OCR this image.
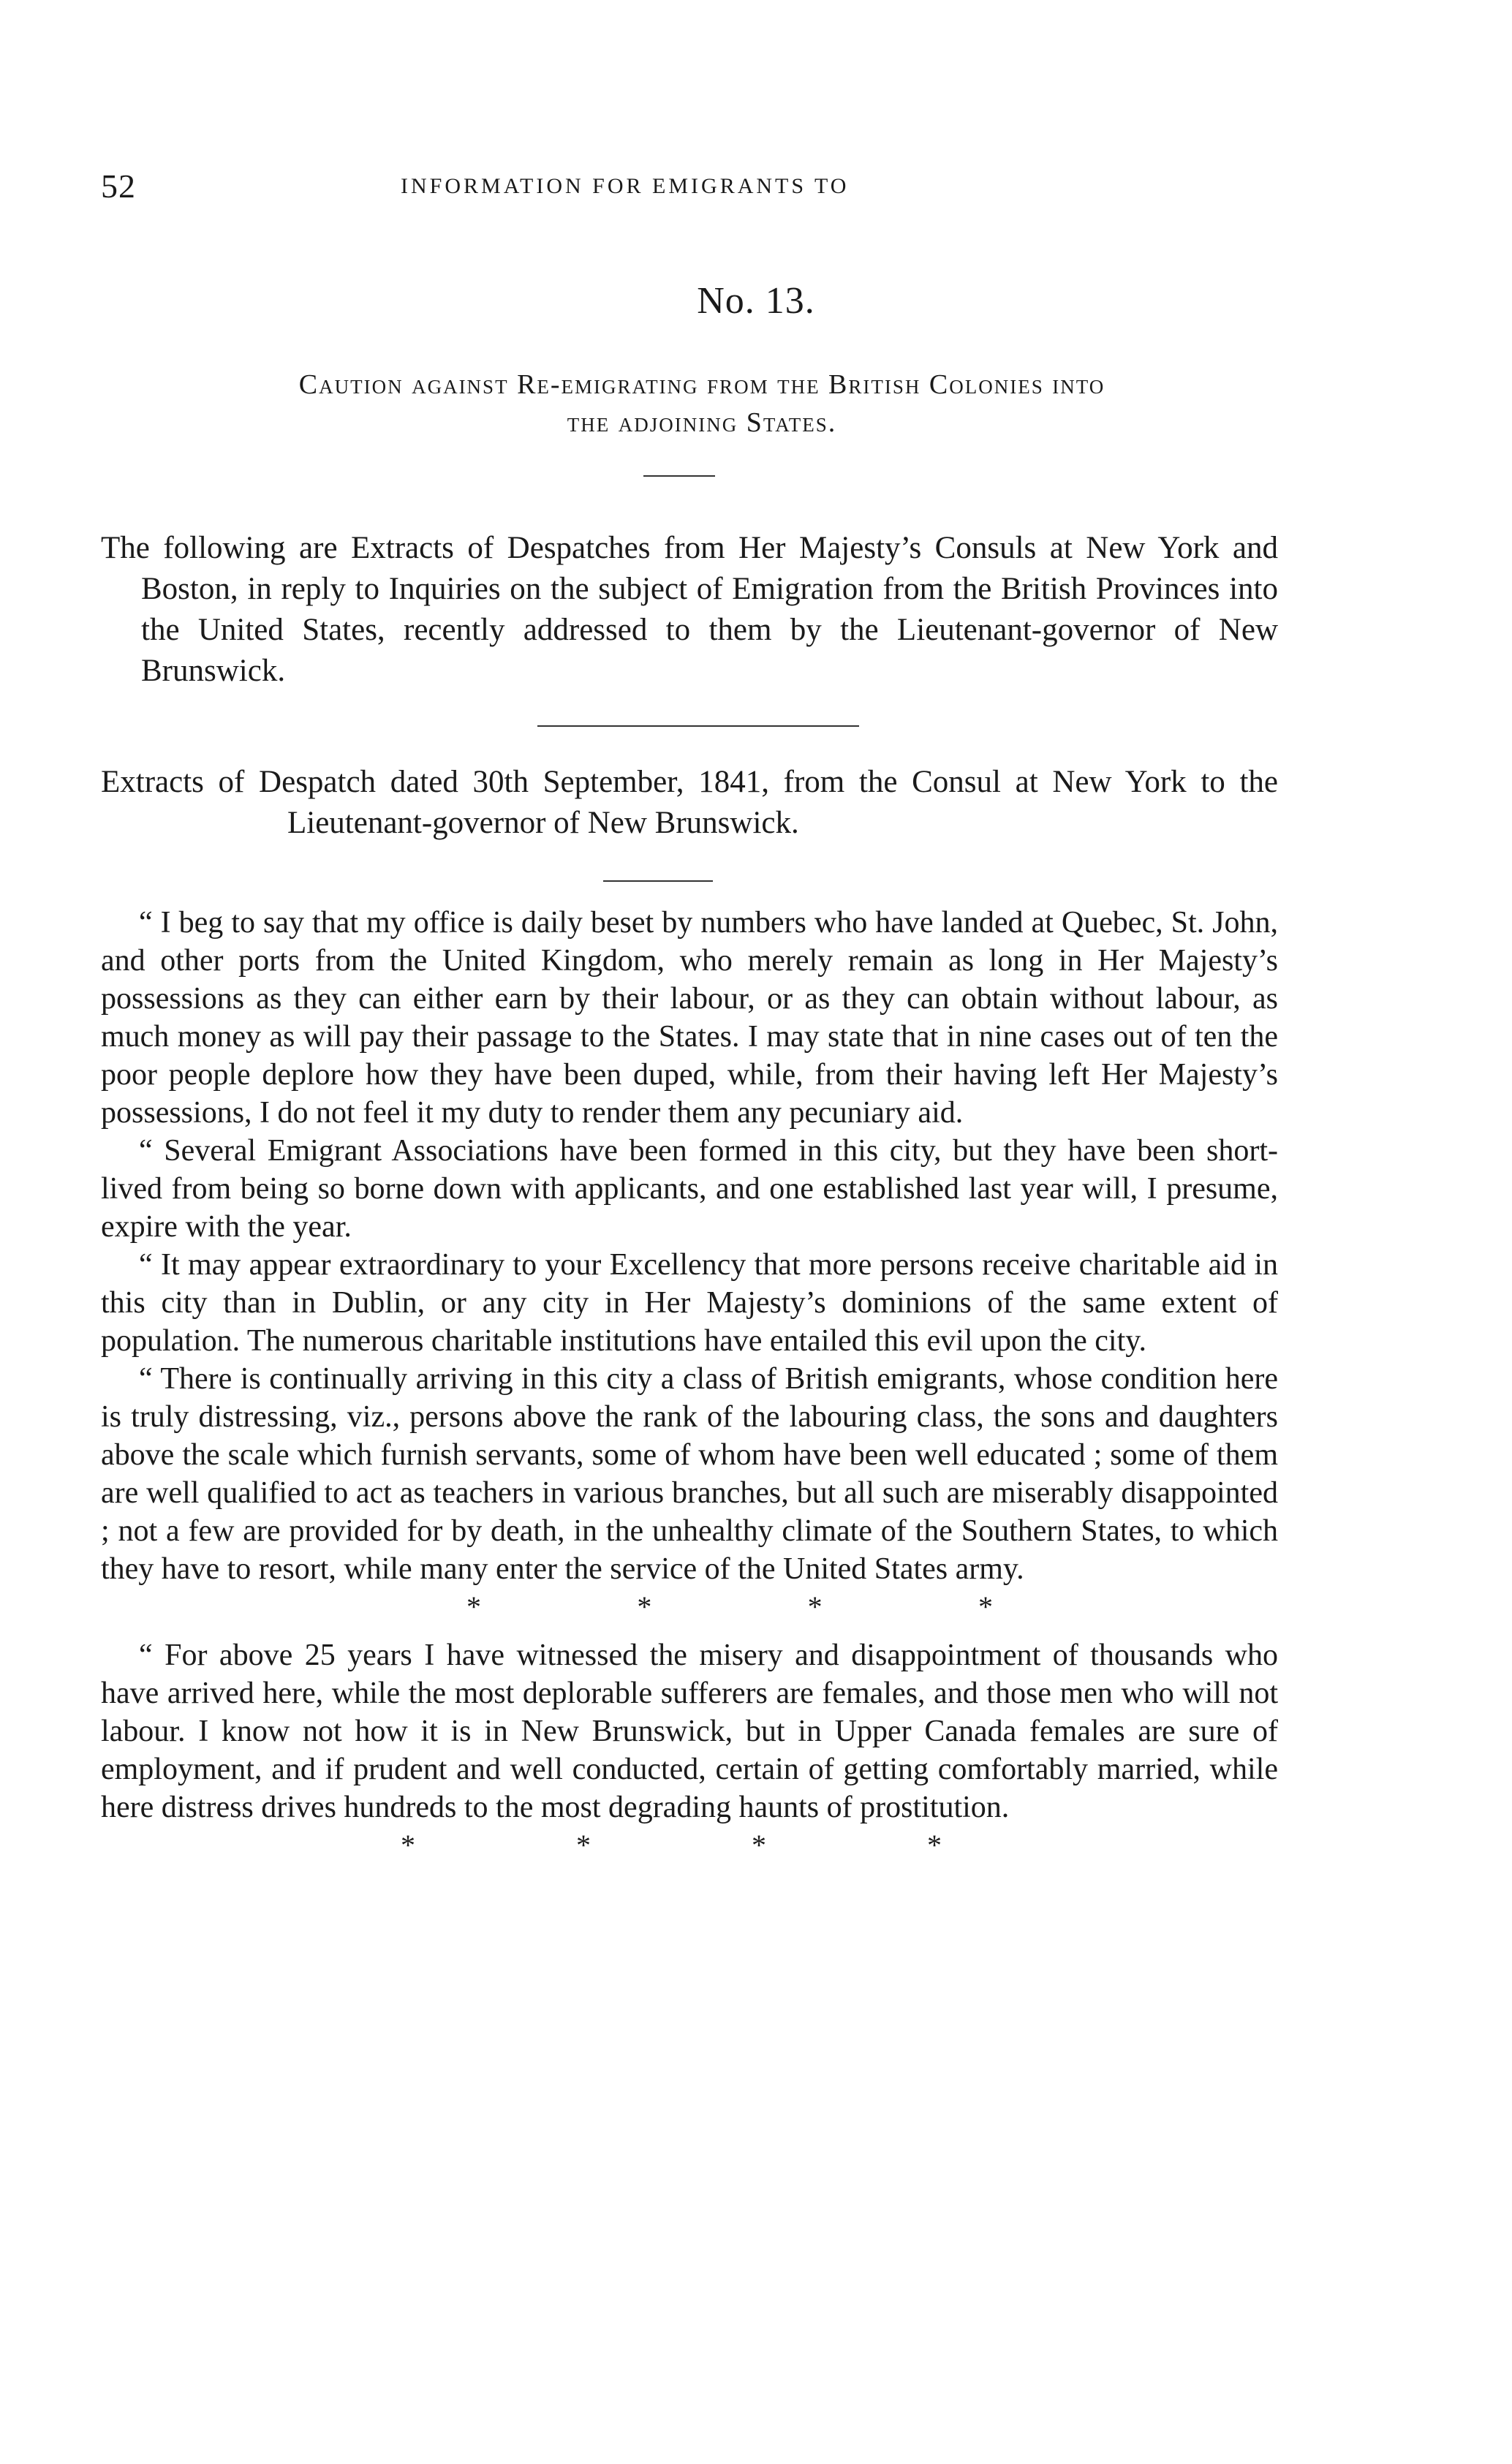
52	INFORMATION FOR EMIGRANTS TO
No. 13.
Caution against Re-emigrating from the British Colonies into
the adjoining States.
The following are Extracts of Despatches from Her Majesty’s Consuls at New York and Boston, in reply to Inquiries on the subject of Emigration from the British Provinces into the United States, recently addressed to them by the Lieutenant-governor of New Brunswick.
Extracts of Despatch dated 30th September, 1841, from the Consul at New York to the Lieutenant-governor of New Brunswick.

“ I beg to say that my office is daily beset by numbers who have landed at Quebec, St. John, and other ports from the United Kingdom, who merely remain as long in Her Majesty’s possessions as they can either earn by their labour, or as they can obtain without labour, as much money as will pay their passage to the States. I may state that in nine cases out of ten the poor people deplore how they have been duped, while, from their having left Her Majesty’s possessions, I do not feel it my duty to render them any pecuniary aid.

“ Several Emigrant Associations have been formed in this city, but they have been short-lived from being so borne down with applicants, and one established last year will, I presume, expire with the year.

“ It may appear extraordinary to your Excellency that more persons receive charitable aid in this city than in Dublin, or any city in Her Majesty’s dominions of the same extent of population. The numerous charitable institutions have entailed this evil upon the city.

“ There is continually arriving in this city a class of British emigrants, whose condition here is truly distressing, viz., persons above the rank of the labouring class, the sons and daughters above the scale which furnish servants, some of whom have been well educated ; some of them are well qualified to act as teachers in various branches, but all such are miserably disappointed ; not a few are provided for by death, in the unhealthy climate of the Southern States, to which they have to resort, while many enter the service of the United States army.

*	*	*	*

“ For above 25 years I have witnessed the misery and disappointment of thousands who have arrived here, while the most deplorable sufferers are females, and those men who will not labour. I know not how it is in New Brunswick, but in Upper Canada females are sure of employment, and if prudent and well conducted, certain of getting comfortably married, while here distress drives hundreds to the most degrading haunts of prostitution.

*	*	*	*
